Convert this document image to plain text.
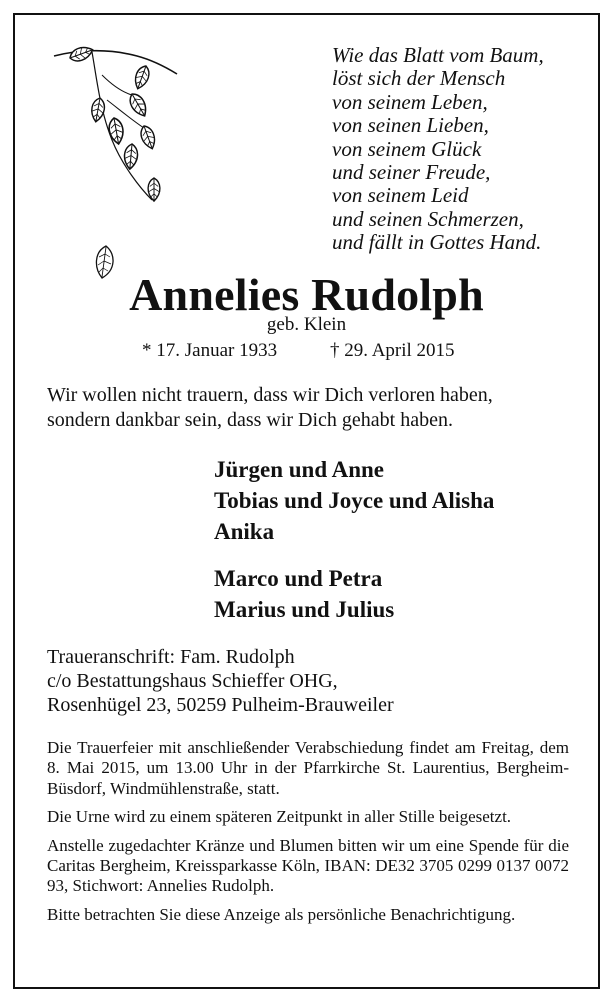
Wie das Blatt vom Baum,
löst sich der Mensch
von seinem Leben,
von seinen Lieben,
von seinem Glück
und seiner Freude,
von seinem Leid
und seinen Schmerzen,
und fällt in Gottes Hand.
Annelies Rudolph
geb. Klein
* 17. Januar 1933	† 29. April 2015
Wir wollen nicht trauern, dass wir Dich verloren haben,
sondern dankbar sein, dass wir Dich gehabt haben.
Jürgen und Anne
Tobias und Joyce und Alisha
Anika
Marco und Petra
Marius und Julius
Traueranschrift: Fam. Rudolph
c/o Bestattungshaus Schieffer OHG,
Rosenhügel 23, 50259 Pulheim-Brauweiler

Die Trauerfeier mit anschließender Verabschiedung findet am Freitag, dem 8. Mai 2015, um 13.00 Uhr in der Pfarrkirche St. Laurentius, Bergheim-Büsdorf, Windmühlenstraße, statt.

Die Urne wird zu einem späteren Zeitpunkt in aller Stille beigesetzt.

Anstelle zugedachter Kränze und Blumen bitten wir um eine Spende für die Caritas Bergheim, Kreissparkasse Köln, IBAN: DE32 3705 0299 0137 0072 93, Stichwort: Annelies Rudolph.

Bitte betrachten Sie diese Anzeige als persönliche Benachrichtigung.
